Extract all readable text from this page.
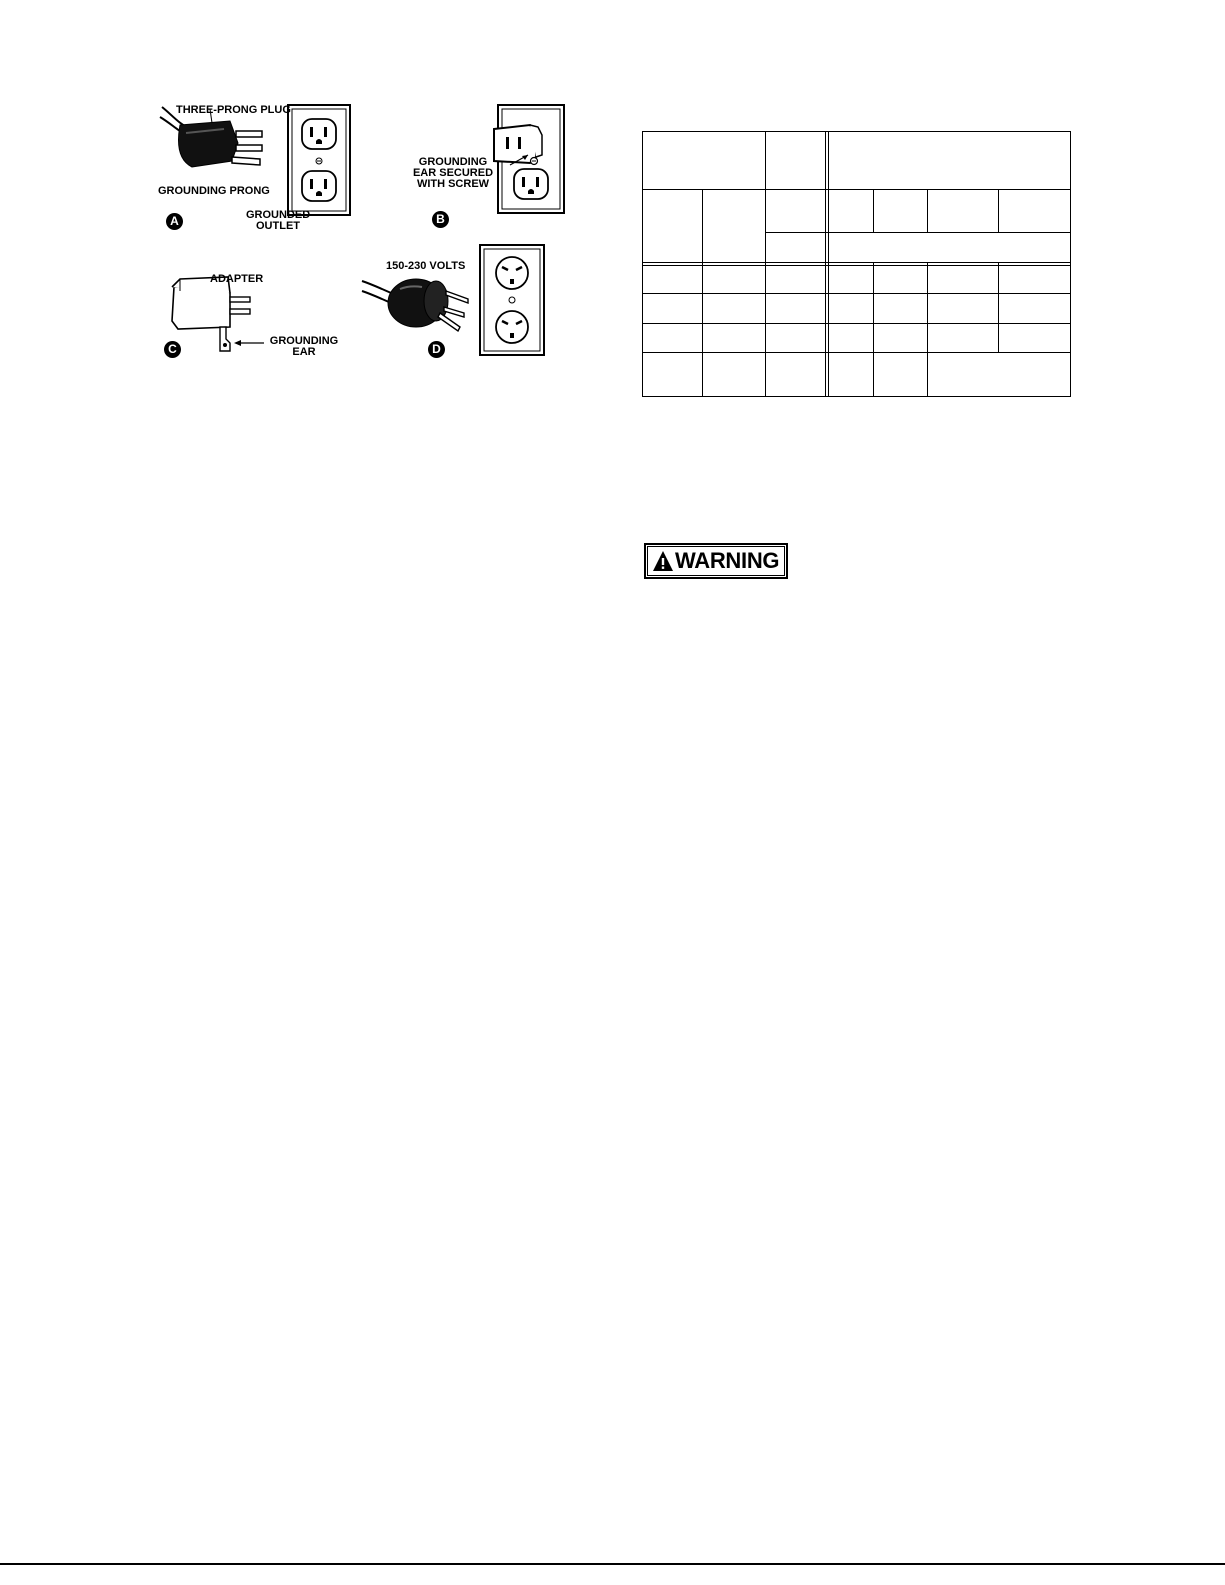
THREE-PRONG PLUG
GROUNDING PRONG
GROUNDED
OUTLET
A
GROUNDING
EAR SECURED
WITH SCREW
B
ADAPTER
GROUNDING
EAR
C
150-230 VOLTS
D
WARNING
